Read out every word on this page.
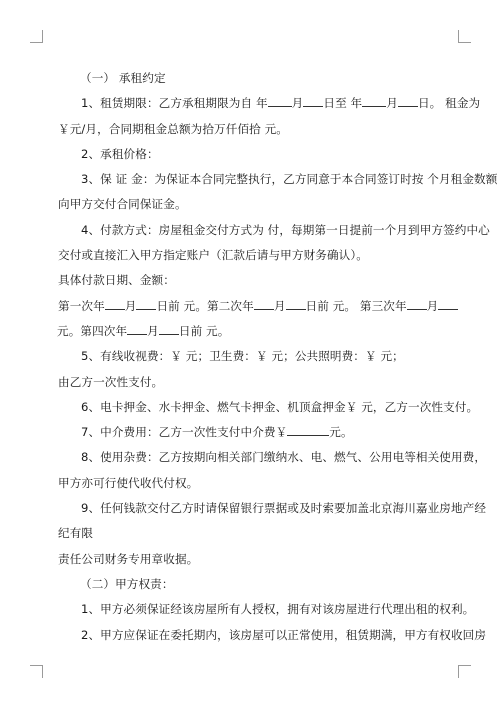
（一） 承租约定
1、租赁期限：乙方承租期限为自 年 月 日至 年 月 日。 租金为
￥元/月，合同期租金总额为拾万仟佰拾 元。
2、承租价格：
3、保 证 金：为保证本合同完整执行，乙方同意于本合同签订时按 个月租金数额
向甲方交付合同保证金。
4、付款方式：房屋租金交付方式为 付，每期第一日提前一个月到甲方签约中心
交付或直接汇入甲方指定账户（汇款后请与甲方财务确认）。
具体付款日期、金额：
第一次年 月 日前 元。第二次年 月 日前 元。 第三次年 月
元。第四次年 月 日前 元。
5、有线收视费：￥ 元；卫生费：￥ 元；公共照明费：￥ 元；
由乙方一次性支付。
6、电卡押金、水卡押金、燃气卡押金、机顶盒押金￥ 元，乙方一次性支付。
7、中介费用：乙方一次性支付中介费￥	元。
8、使用杂费：乙方按期向相关部门缴纳水、电、燃气、公用电等相关使用费，
甲方亦可行使代收代付权。
9、任何钱款交付乙方时请保留银行票据或及时索要加盖北京海川嘉业房地产经
纪有限
责任公司财务专用章收据。
（二）甲方权责：
1、甲方必须保证经该房屋所有人授权，拥有对该房屋进行代理出租的权利。
2、甲方应保证在委托期内，该房屋可以正常使用，租赁期满，甲方有权收回房
